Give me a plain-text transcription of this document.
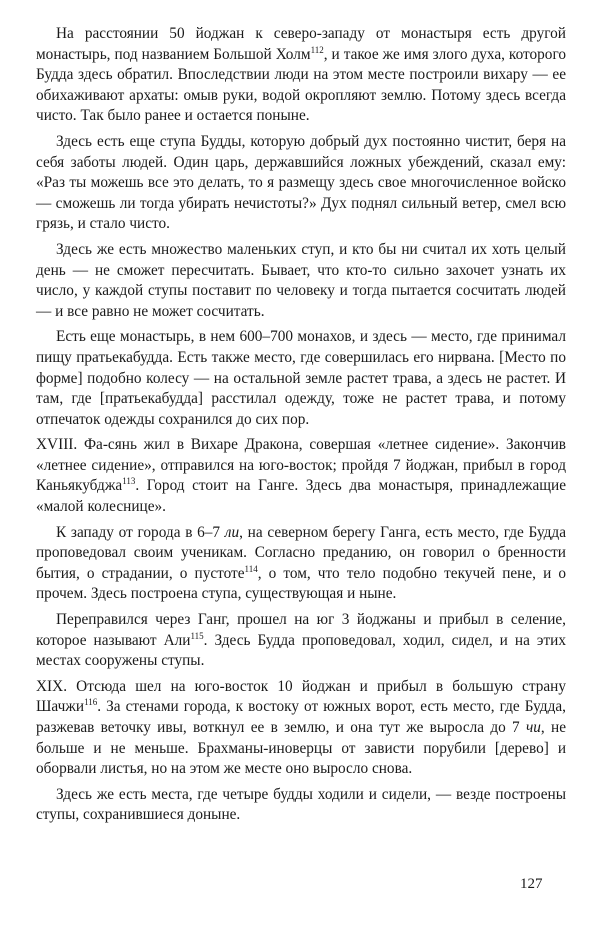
На расстоянии 50 йоджан к северо-западу от монастыря есть другой монастырь, под названием Большой Холм$^{112}$, и такое же имя злого духа, которого Будда здесь обратил. Впоследствии люди на этом месте построили вихару — ее обихаживают архаты: омыв руки, водой окропляют землю. Потому здесь всегда чисто. Так было ранее и остается поныне.

Здесь есть еще ступа Будды, которую добрый дух постоянно чистит, беря на себя заботы людей. Один царь, державшийся ложных убеждений, сказал ему: «Раз ты можешь все это делать, то я размещу здесь свое многочисленное войско — сможешь ли тогда убирать нечистоты?» Дух поднял сильный ветер, смел всю грязь, и стало чисто.

Здесь же есть множество маленьких ступ, и кто бы ни считал их хоть целый день — не сможет пересчитать. Бывает, что кто-то сильно захочет узнать их число, у каждой ступы поставит по человеку и тогда пытается сосчитать людей — и все равно не может сосчитать.

Есть еще монастырь, в нем 600–700 монахов, и здесь — место, где принимал пищу пратьекабудда. Есть также место, где совершилась его нирвана. [Место по форме] подобно колесу — на остальной земле растет трава, а здесь не растет. И там, где [пратьекабудда] расстилал одежду, тоже не растет трава, и потому отпечаток одежды сохранился до сих пор.

XVIII. Фа-сянь жил в Вихаре Дракона, совершая «летнее сидение». Закончив «летнее сидение», отправился на юго-восток; пройдя 7 йоджан, прибыл в город Каньякубджа$^{113}$. Город стоит на Ганге. Здесь два монастыря, принадлежащие «малой колеснице».

К западу от города в 6–7 ли, на северном берегу Ганга, есть место, где Будда проповедовал своим ученикам. Согласно преданию, он говорил о бренности бытия, о страдании, о пустоте$^{114}$, о том, что тело подобно текучей пене, и о прочем. Здесь построена ступа, существующая и ныне.

Переправился через Ганг, прошел на юг 3 йоджаны и прибыл в селение, которое называют Али$^{115}$. Здесь Будда проповедовал, ходил, сидел, и на этих местах сооружены ступы.

XIX. Отсюда шел на юго-восток 10 йоджан и прибыл в большую страну Шачжи$^{116}$. За стенами города, к востоку от южных ворот, есть место, где Будда, разжевав веточку ивы, воткнул ее в землю, и она тут же выросла до 7 чи, не больше и не меньше. Брахманы-иноверцы от зависти порубили [дерево] и оборвали листья, но на этом же месте оно выросло снова.

Здесь же есть места, где четыре будды ходили и сидели, — везде построены ступы, сохранившиеся доныне.

127
